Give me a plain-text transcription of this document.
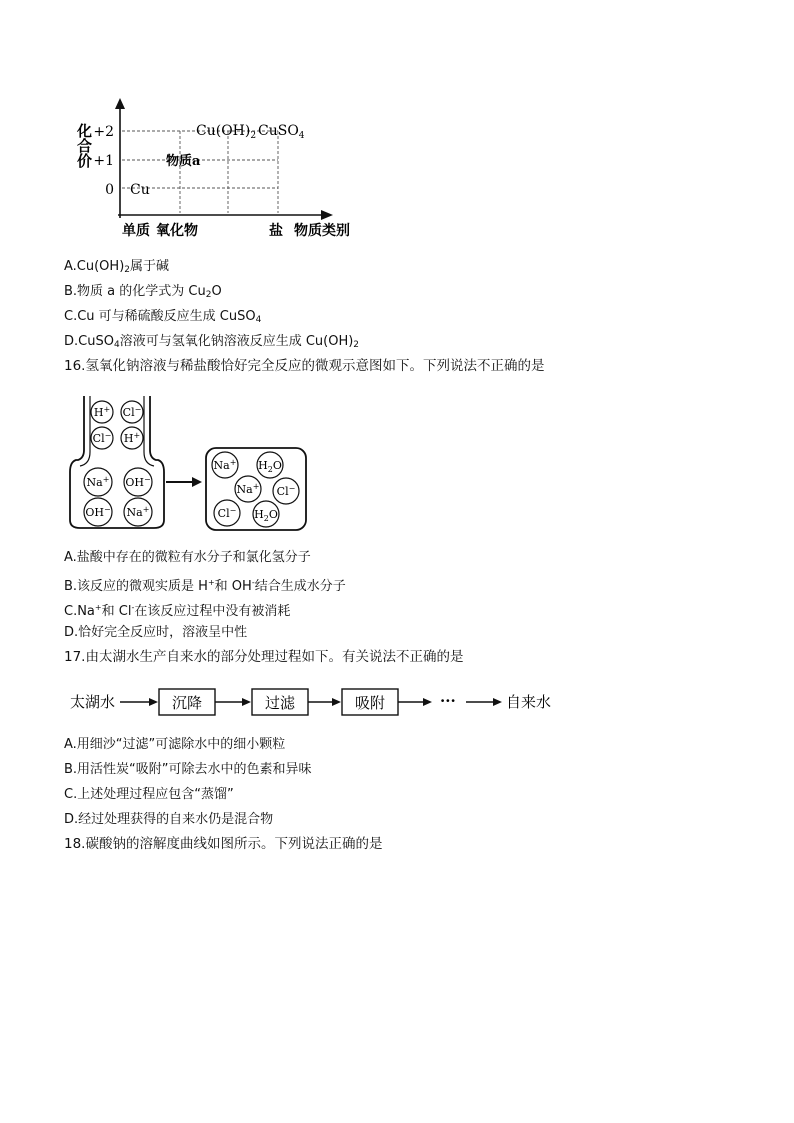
化合价 +2
+1
0
$Cu(OH)_2$ CuSO$_4$
物质a
Cu
单质 氧化物	盐 物质类别
$A.Cu(OH)_2$属于碱
B.物质 a 的化学式为 $Cu_2O$
C.Cu 可与稀硫酸反应生成 CuSO$_4$
D.CuSO$_4$溶液可与氢氧化钠溶液反应生成 $Cu(OH)_2$
16.氢氧化钠溶液与稀盐酸恰好完全反应的微观示意图如下。下列说法不正确的是
H+ Cl−
Cl− H+
Na+ OH−
OH− Na+
Na+ $H_2O$
Na+ Cl−
Cl− $H_2O$
A.盐酸中存在的微粒有水分子和氯化氢分子
B.该反应的微观实质是 H+和 OH-结合生成水分子
C.Na+和 Cl-在该反应过程中没有被消耗
D.恰好完全反应时，溶液呈中性
17.由太湖水生产自来水的部分处理过程如下。有关说法不正确的是
太湖水	沉降	过滤	吸附	···	自来水
A.用细沙“过滤”可滤除水中的细小颗粒
B.用活性炭“吸附”可除去水中的色素和异味
C.上述处理过程应包含“蒸馏”
D.经过处理获得的自来水仍是混合物
18.碳酸钠的溶解度曲线如图所示。下列说法正确的是
